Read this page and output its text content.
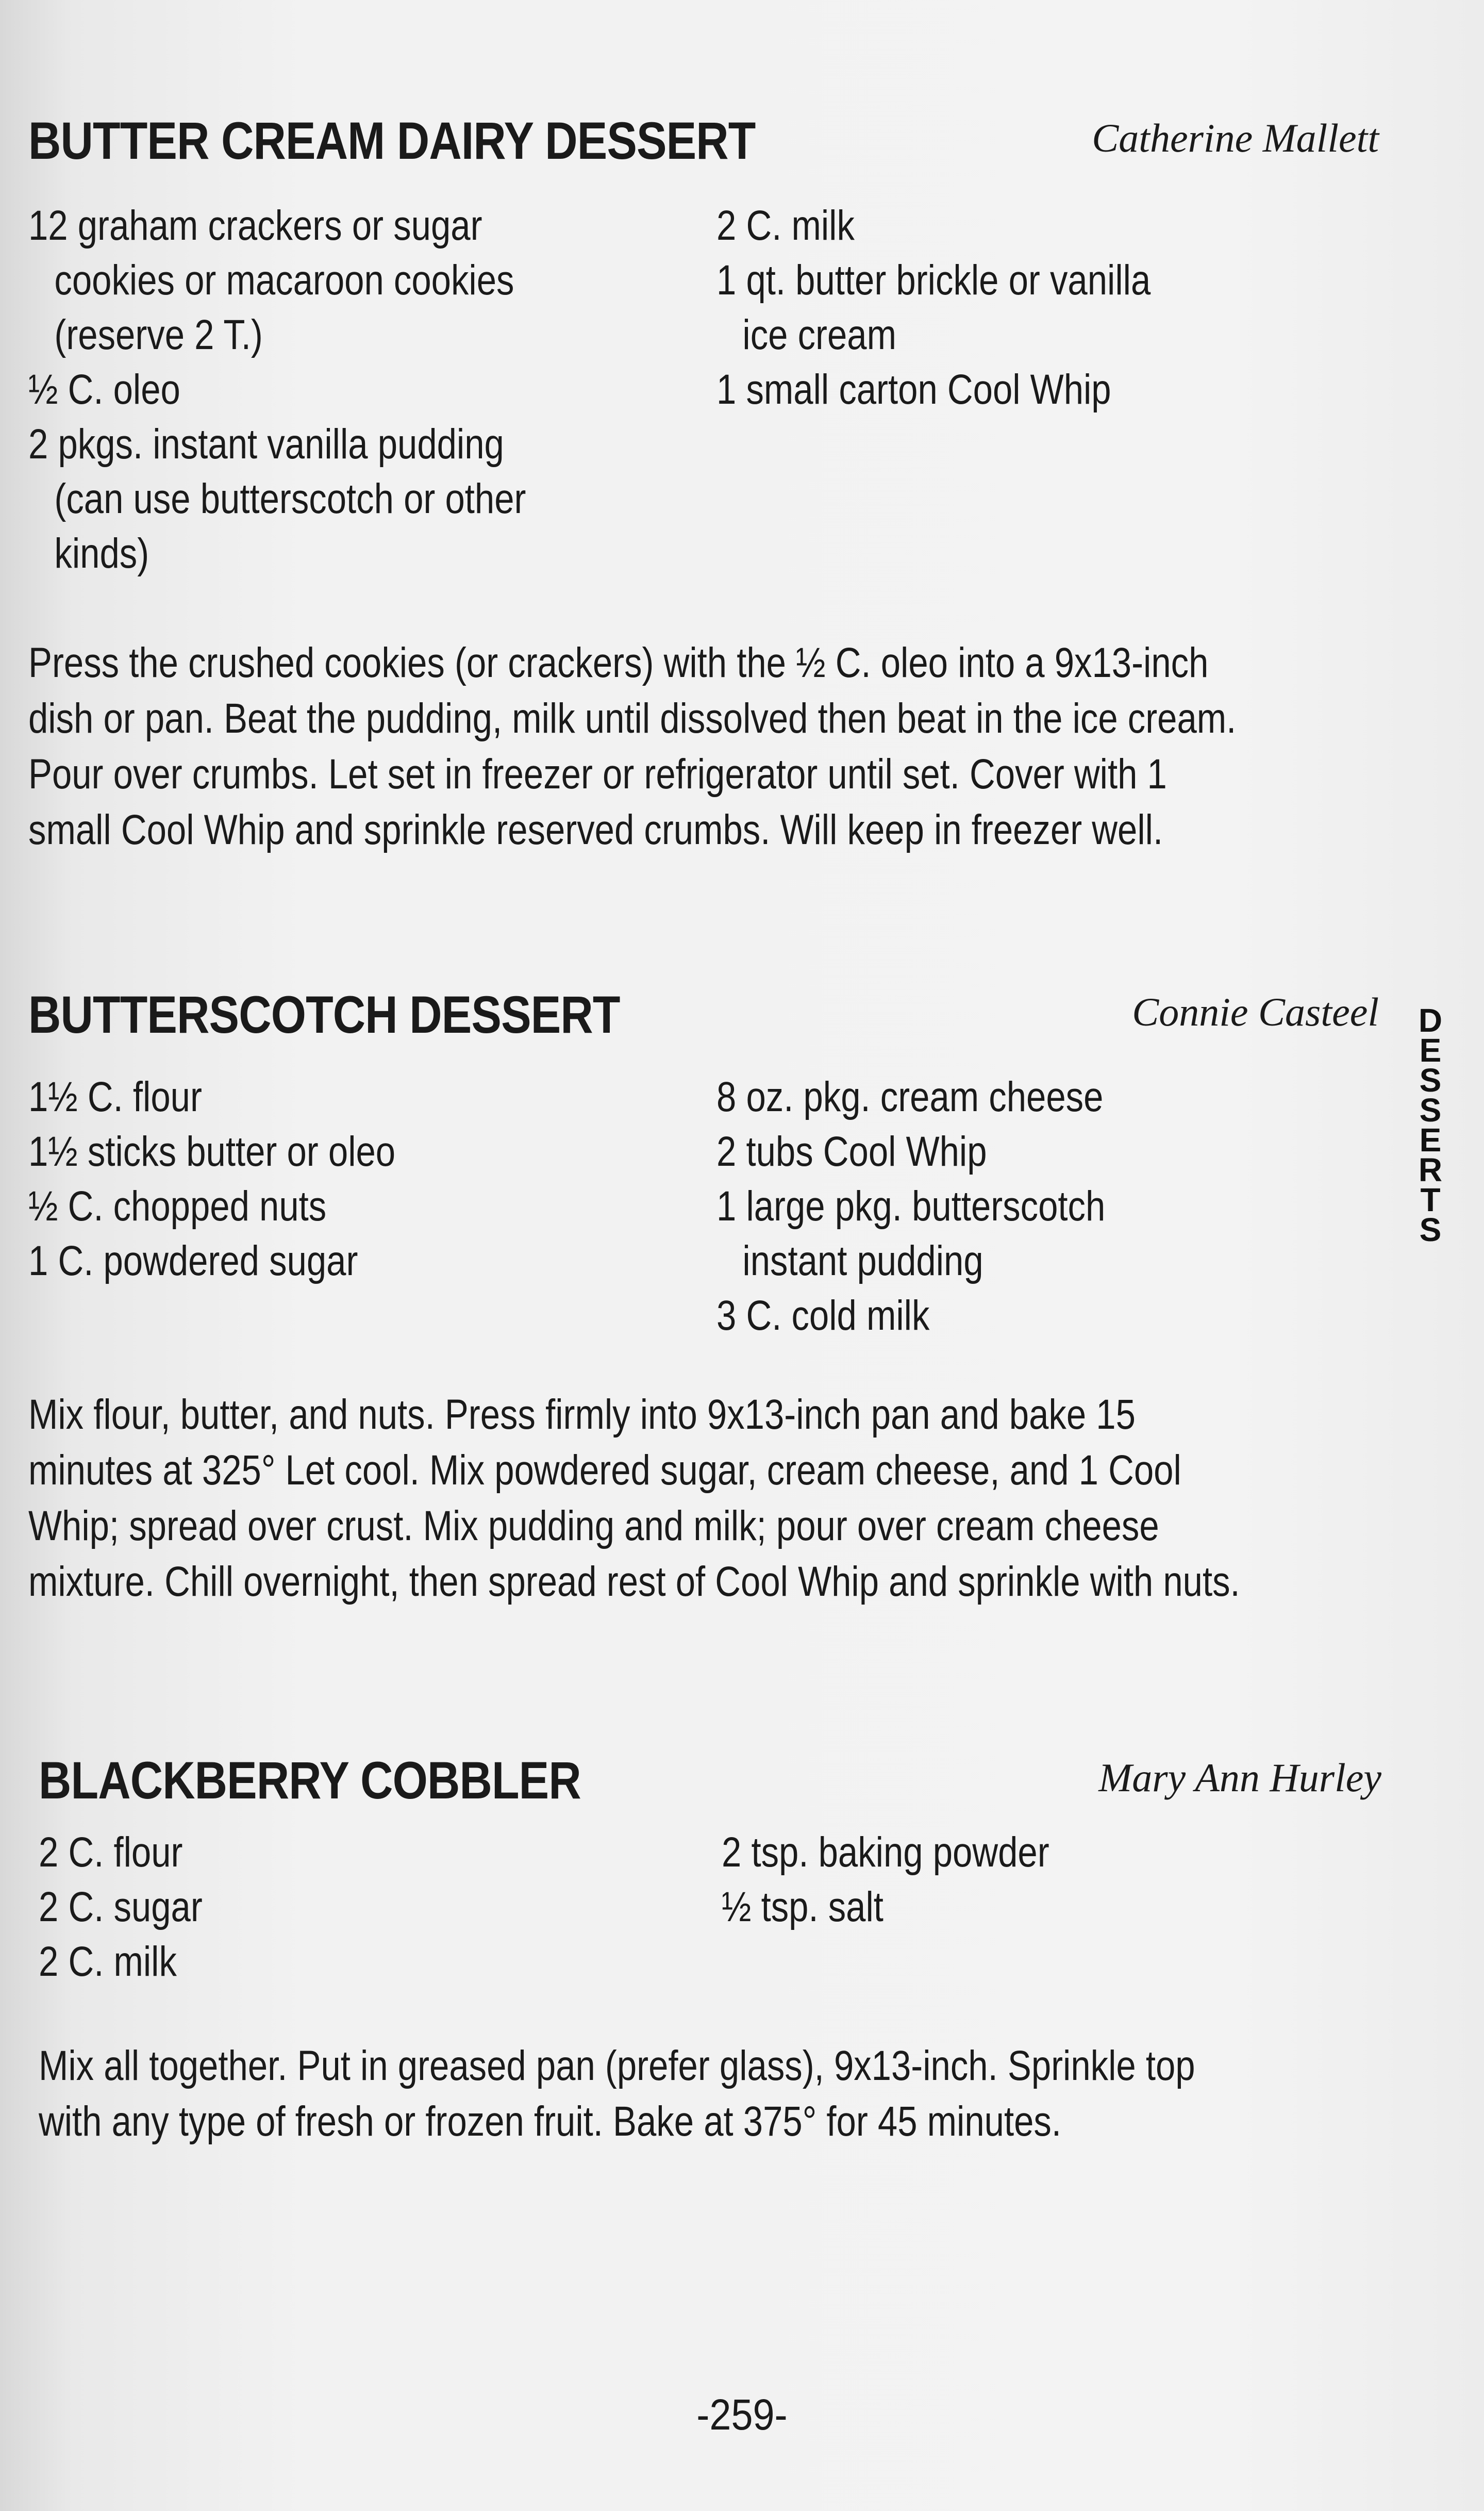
BUTTER CREAM DAIRY DESSERT	Catherine Mallett
12 graham crackers or sugar
cookies or macaroon cookies
(reserve 2 T.)
½ C. oleo
2 pkgs. instant vanilla pudding
(can use butterscotch or other
kinds)
2 C. milk
1 qt. butter brickle or vanilla
ice cream
1 small carton Cool Whip
Press the crushed cookies (or crackers) with the ½ C. oleo into a 9x13-inch
dish or pan. Beat the pudding, milk until dissolved then beat in the ice cream.
Pour over crumbs. Let set in freezer or refrigerator until set. Cover with 1
small Cool Whip and sprinkle reserved crumbs. Will keep in freezer well.
BUTTERSCOTCH DESSERT	Connie Casteel
1½ C. flour
1½ sticks butter or oleo
½ C. chopped nuts
1 C. powdered sugar
8 oz. pkg. cream cheese
2 tubs Cool Whip
1 large pkg. butterscotch
instant pudding
3 C. cold milk
Mix flour, butter, and nuts. Press firmly into 9x13-inch pan and bake 15
minutes at 325° Let cool. Mix powdered sugar, cream cheese, and 1 Cool
Whip; spread over crust. Mix pudding and milk; pour over cream cheese
mixture. Chill overnight, then spread rest of Cool Whip and sprinkle with nuts.
BLACKBERRY COBBLER	Mary Ann Hurley
2 C. flour
2 C. sugar
2 C. milk
2 tsp. baking powder
½ tsp. salt
Mix all together. Put in greased pan (prefer glass), 9x13-inch. Sprinkle top
with any type of fresh or frozen fruit. Bake at 375° for 45 minutes.
D
E
S
S
E
R
T
S
-259-
